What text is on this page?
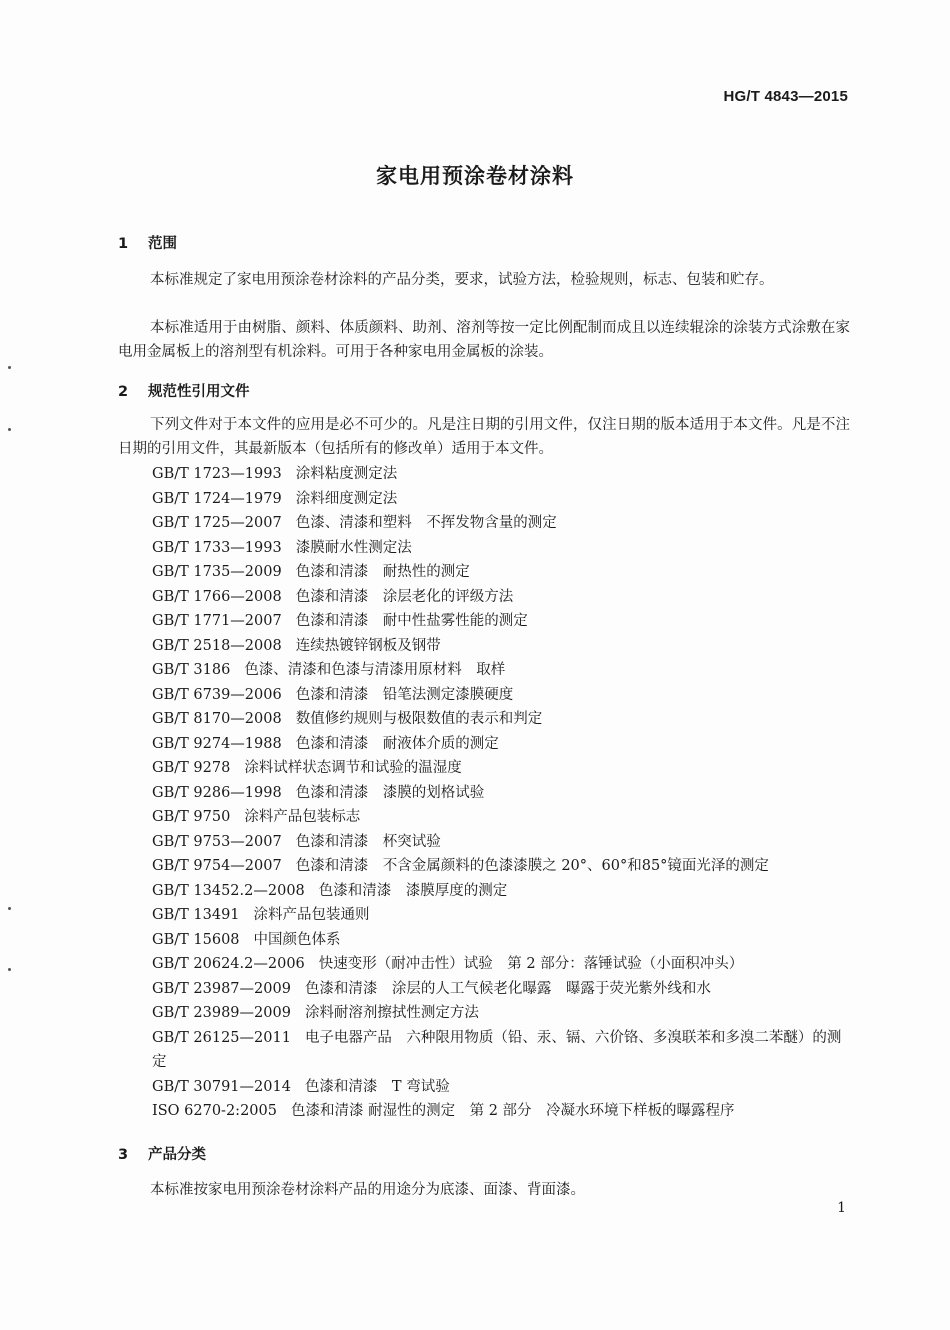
HG/T 4843—2015
家电用预涂卷材涂料
1 范围
本标准规定了家电用预涂卷材涂料的产品分类，要求，试验方法，检验规则，标志、包装和贮存。
本标准适用于由树脂、颜料、体质颜料、助剂、溶剂等按一定比例配制而成且以连续辊涂的涂装方式涂敷在家电用金属板上的溶剂型有机涂料。可用于各种家电用金属板的涂装。
2 规范性引用文件
下列文件对于本文件的应用是必不可少的。凡是注日期的引用文件，仅注日期的版本适用于本文件。凡是不注日期的引用文件，其最新版本（包括所有的修改单）适用于本文件。
GB/T 1723—1993 涂料粘度测定法
GB/T 1724—1979 涂料细度测定法
GB/T 1725—2007 色漆、清漆和塑料　不挥发物含量的测定
GB/T 1733—1993 漆膜耐水性测定法
GB/T 1735—2009 色漆和清漆　耐热性的测定
GB/T 1766—2008 色漆和清漆　涂层老化的评级方法
GB/T 1771—2007 色漆和清漆　耐中性盐雾性能的测定
GB/T 2518—2008 连续热镀锌钢板及钢带
GB/T 3186 色漆、清漆和色漆与清漆用原材料　取样
GB/T 6739—2006 色漆和清漆　铅笔法测定漆膜硬度
GB/T 8170—2008 数值修约规则与极限数值的表示和判定
GB/T 9274—1988 色漆和清漆　耐液体介质的测定
GB/T 9278 涂料试样状态调节和试验的温湿度
GB/T 9286—1998 色漆和清漆　漆膜的划格试验
GB/T 9750 涂料产品包装标志
GB/T 9753—2007 色漆和清漆　杯突试验
GB/T 9754—2007 色漆和清漆　不含金属颜料的色漆漆膜之 20°、60°和85°镜面光泽的测定
GB/T 13452.2—2008 色漆和清漆　漆膜厚度的测定
GB/T 13491 涂料产品包装通则
GB/T 15608 中国颜色体系
GB/T 20624.2—2006 快速变形（耐冲击性）试验　第 2 部分：落锤试验（小面积冲头）
GB/T 23987—2009 色漆和清漆　涂层的人工气候老化曝露　曝露于荧光紫外线和水
GB/T 23989—2009 涂料耐溶剂擦拭性测定方法
GB/T 26125—2011 电子电器产品　六种限用物质（铅、汞、镉、六价铬、多溴联苯和多溴二苯醚）的测定
GB/T 30791—2014 色漆和清漆　T 弯试验
ISO 6270-2:2005 色漆和清漆 耐湿性的测定　第 2 部分　冷凝水环境下样板的曝露程序
3 产品分类
本标准按家电用预涂卷材涂料产品的用途分为底漆、面漆、背面漆。
1
